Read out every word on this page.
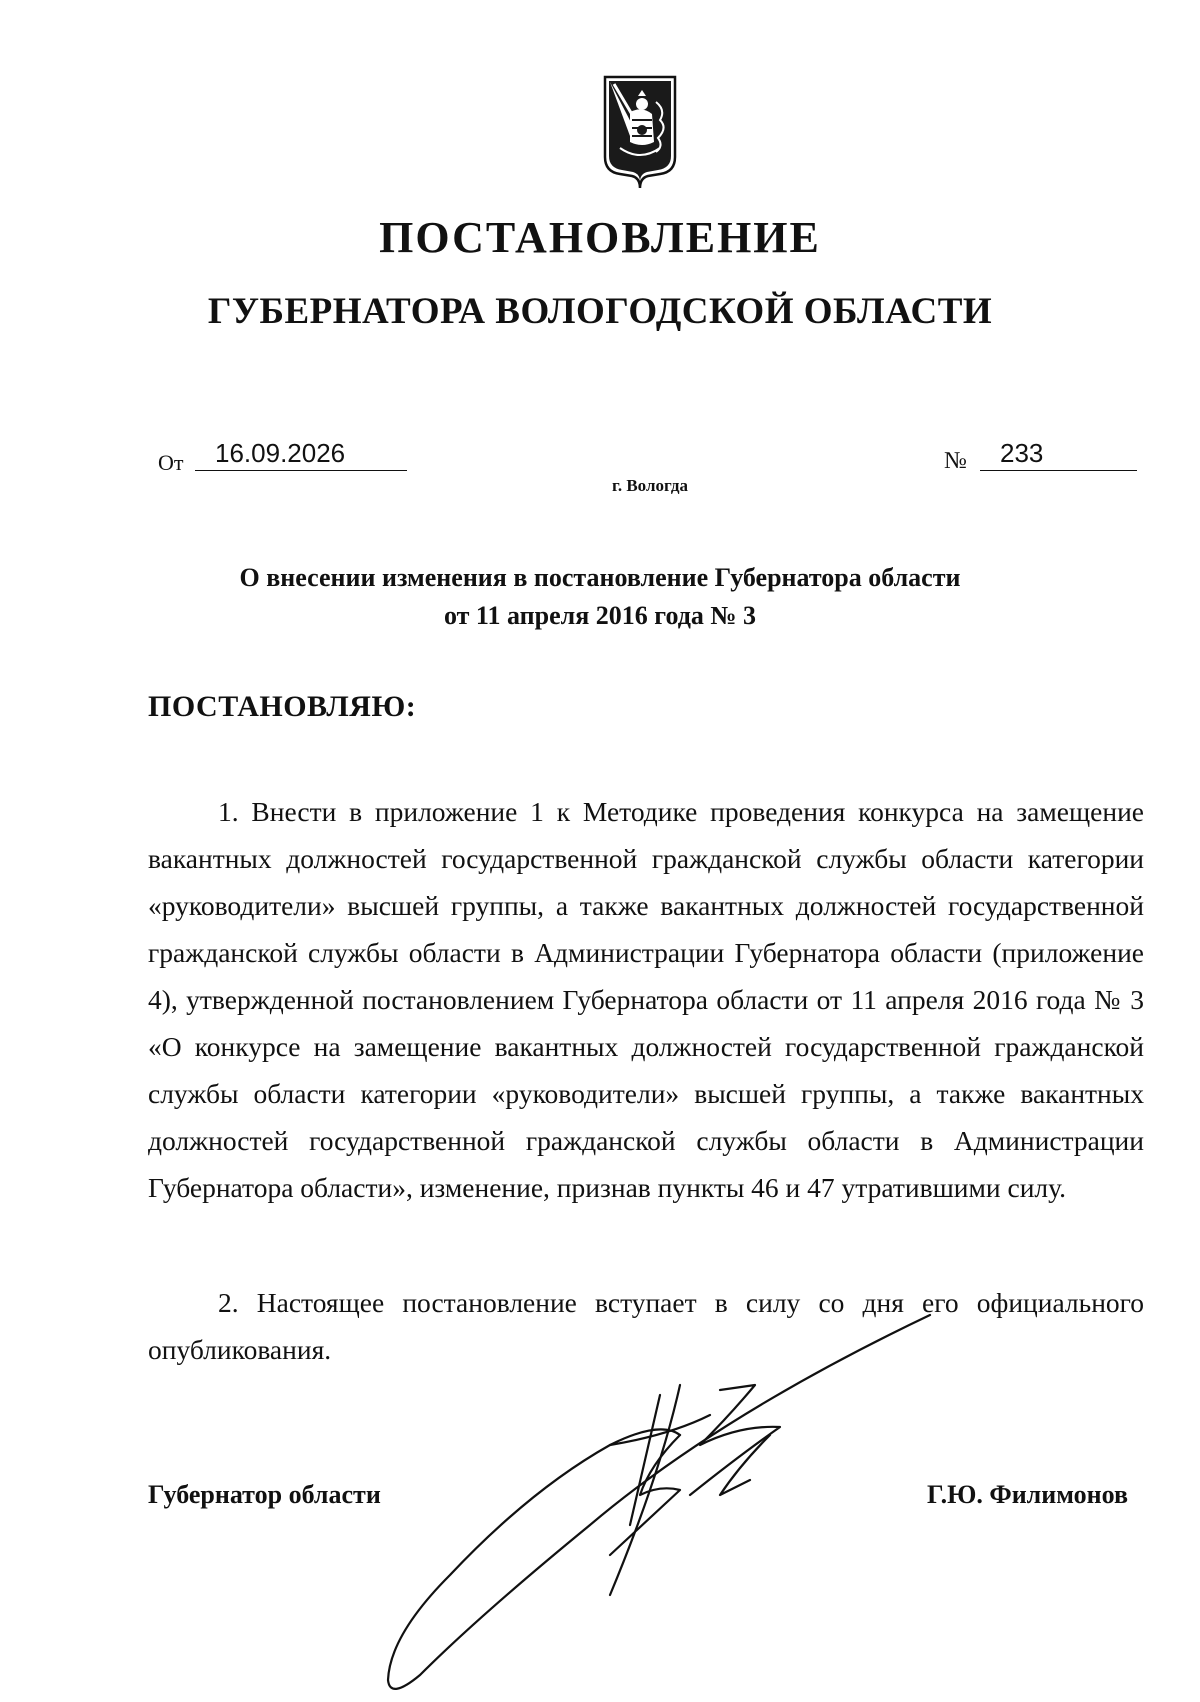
ПОСТАНОВЛЕНИЕ
ГУБЕРНАТОРА ВОЛОГОДСКОЙ ОБЛАСТИ
От	16.09.2026	№	233
г. Вологда
О внесении изменения в постановление Губернатора области
от 11 апреля 2016 года № 3
ПОСТАНОВЛЯЮ:
1. Внести в приложение 1 к Методике проведения конкурса на замещение вакантных должностей государственной гражданской службы области категории «руководители» высшей группы, а также вакантных должностей государственной гражданской службы области в Администрации Губернатора области (приложение 4), утвержденной постановлением Губернатора области от 11 апреля 2016 года № 3 «О конкурсе на замещение вакантных должностей государственной гражданской службы области категории «руководители» высшей группы, а также вакантных должностей государственной гражданской службы области в Администрации Губернатора области», изменение, признав пункты 46 и 47 утратившими силу.
2. Настоящее постановление вступает в силу со дня его официального опубликования.
Губернатор области	Г.Ю. Филимонов
